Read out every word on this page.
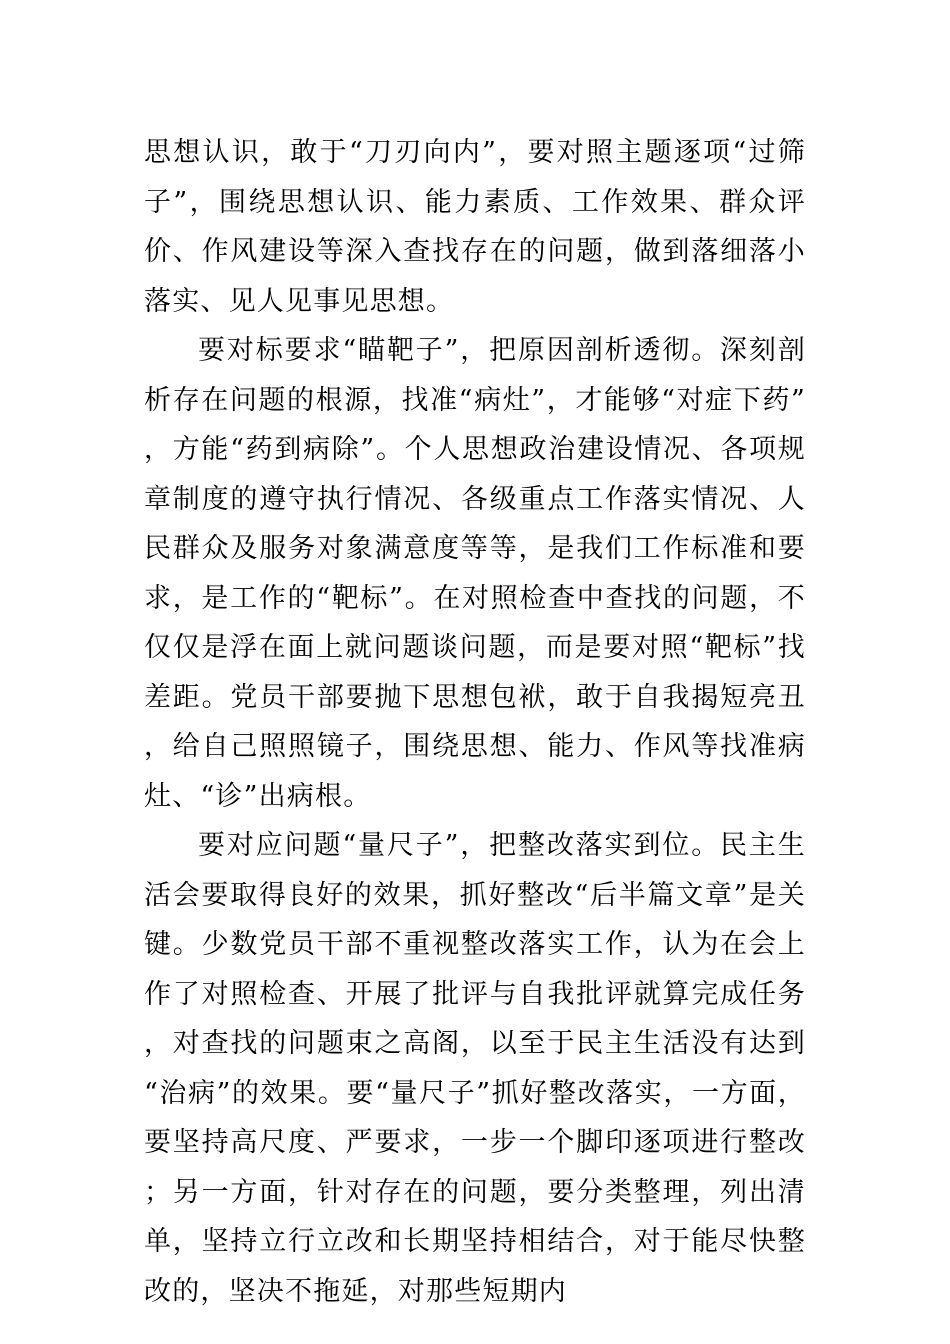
思想认识，敢于“刀刃向内”，要对照主题逐项“过筛子”，围绕思想认识、能力素质、工作效果、群众评价、作风建设等深入查找存在的问题，做到落细落小落实、见人见事见思想。

要对标要求“瞄靶子”，把原因剖析透彻。深刻剖析存在问题的根源，找准“病灶”，才能够“对症下药”，方能“药到病除”。个人思想政治建设情况、各项规章制度的遵守执行情况、各级重点工作落实情况、人民群众及服务对象满意度等等，是我们工作标准和要求，是工作的“靶标”。在对照检查中查找的问题，不仅仅是浮在面上就问题谈问题，而是要对照“靶标”找差距。党员干部要抛下思想包袱，敢于自我揭短亮丑，给自己照照镜子，围绕思想、能力、作风等找准病灶、“诊”出病根。

要对应问题“量尺子”，把整改落实到位。民主生活会要取得良好的效果，抓好整改“后半篇文章”是关键。少数党员干部不重视整改落实工作，认为在会上作了对照检查、开展了批评与自我批评就算完成任务，对查找的问题束之高阁，以至于民主生活没有达到“治病”的效果。要“量尺子”抓好整改落实，一方面，要坚持高尺度、严要求，一步一个脚印逐项进行整改；另一方面，针对存在的问题，要分类整理，列出清单，坚持立行立改和长期坚持相结合，对于能尽快整改的，坚决不拖延，对那些短期内
